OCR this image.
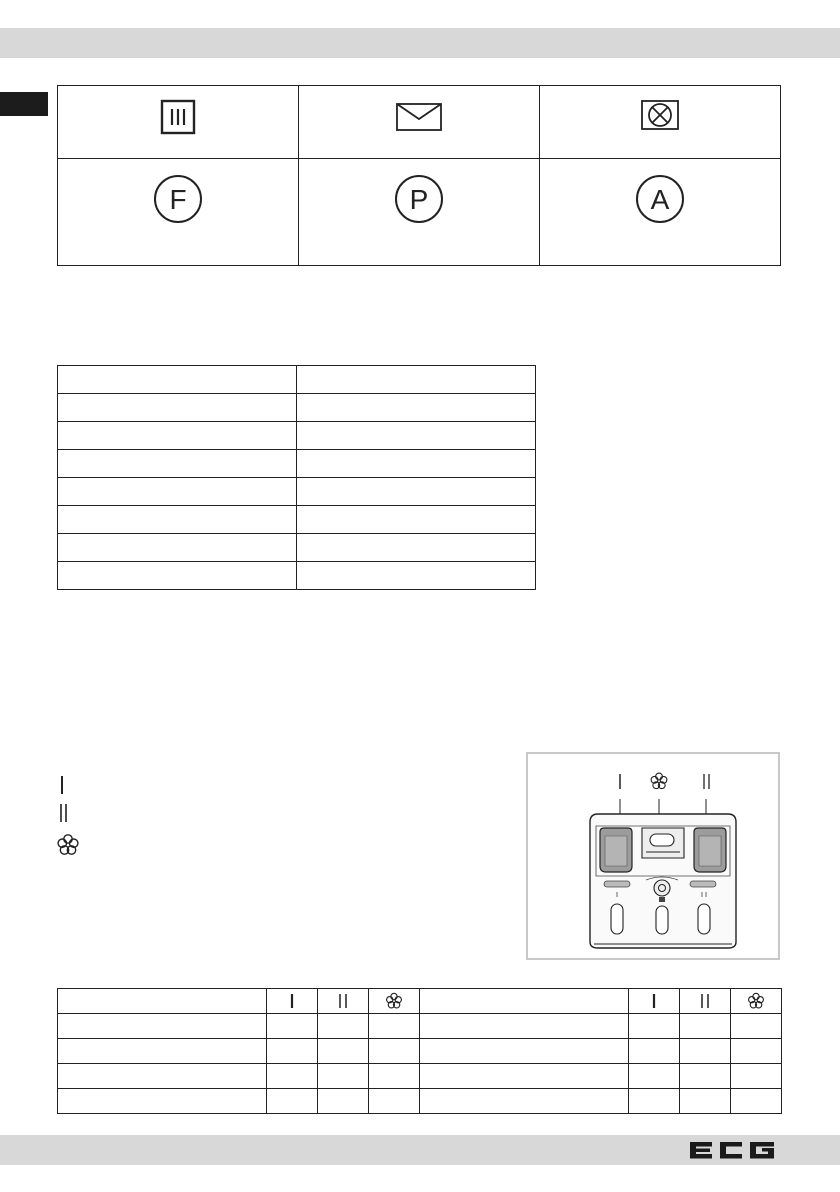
F	P	A
